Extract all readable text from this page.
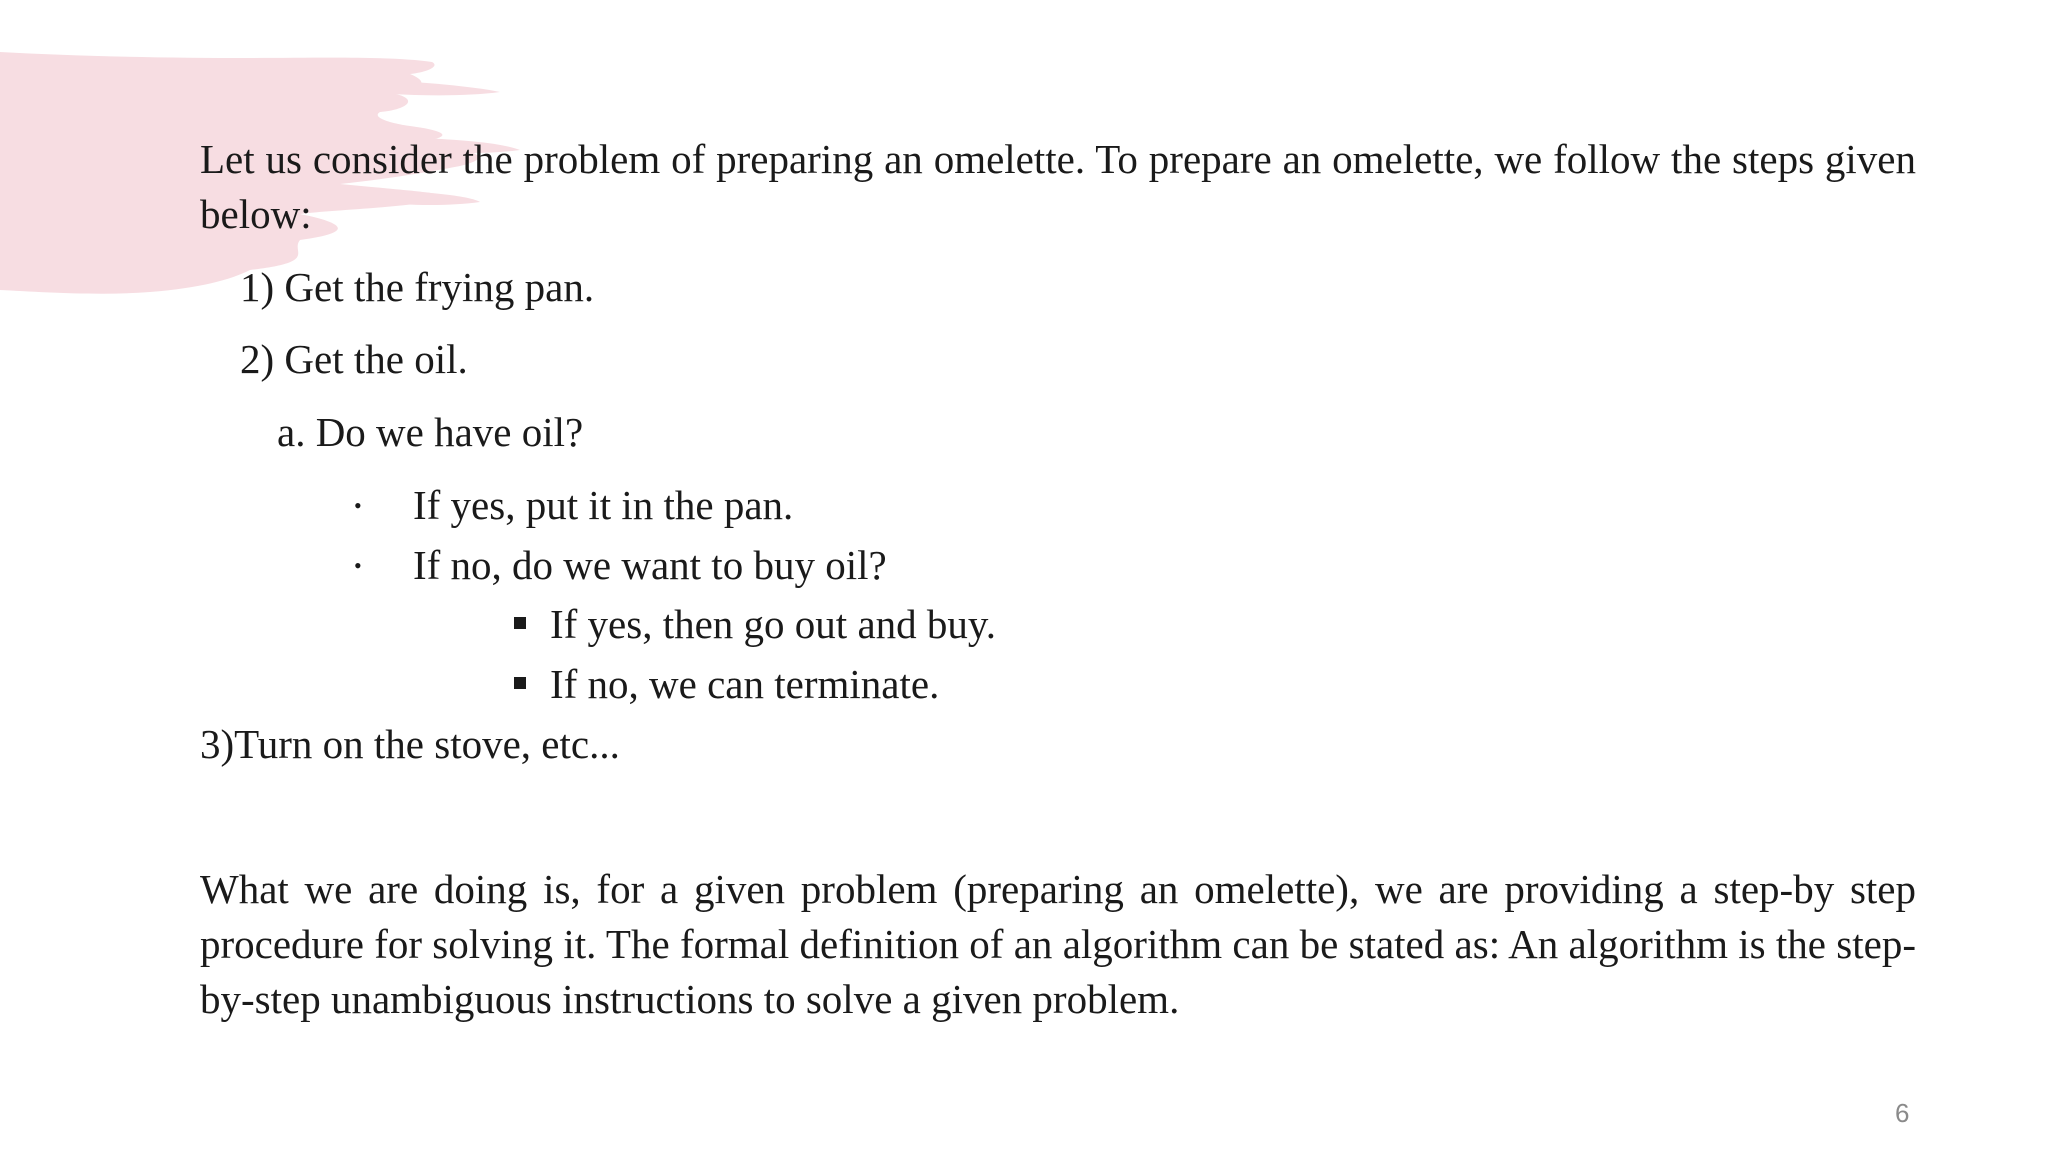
Let us consider the problem of preparing an omelette. To prepare an omelette, we follow the steps given below:
1) Get the frying pan.
2) Get the oil.
a. Do we have oil?
• If yes, put it in the pan.
• If no, do we want to buy oil?
If yes, then go out and buy.
If no, we can terminate.
3)Turn on the stove, etc...
What we are doing is, for a given problem (preparing an omelette), we are providing a step-by step procedure for solving it. The formal definition of an algorithm can be stated as: An algorithm is the step-by-step unambiguous instructions to solve a given problem.
6
